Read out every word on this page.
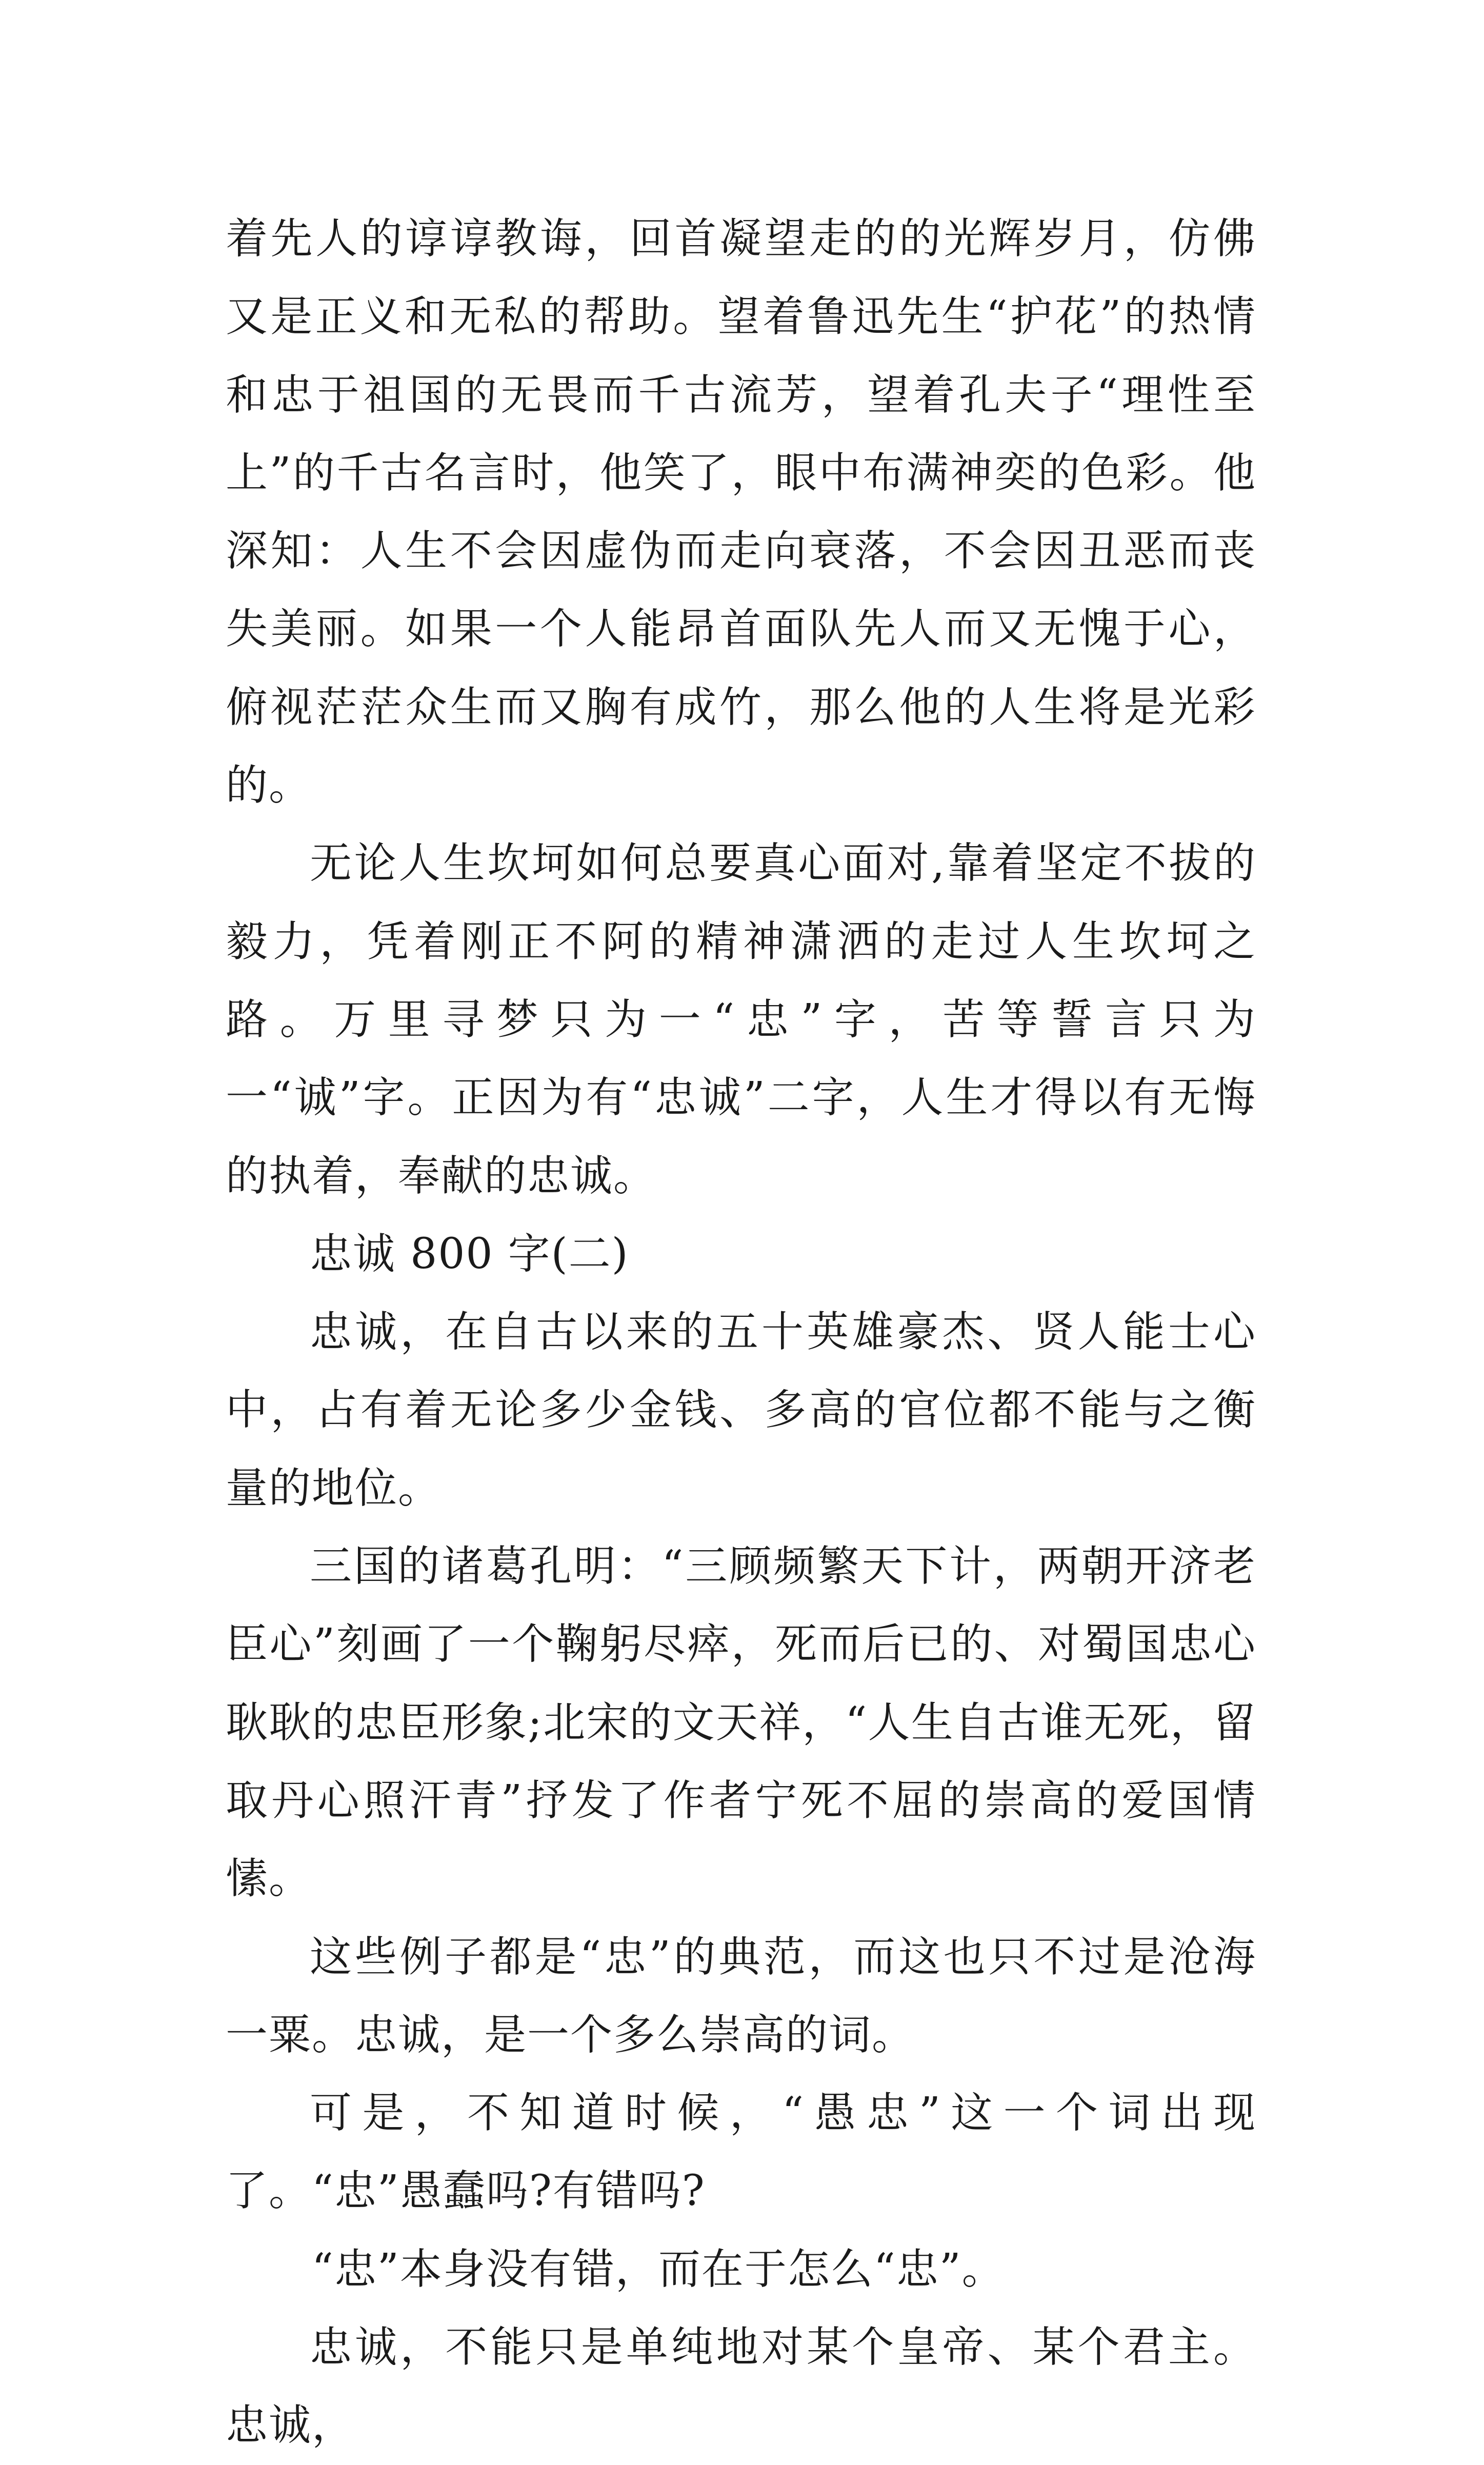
着先人的谆谆教诲，回首凝望走的的光辉岁月，仿佛又是正义和无私的帮助。望着鲁迅先生“护花”的热情和忠于祖国的无畏而千古流芳，望着孔夫子“理性至上”的千古名言时，他笑了，眼中布满神奕的色彩。他深知：人生不会因虚伪而走向衰落，不会因丑恶而丧失美丽。如果一个人能昂首面队先人而又无愧于心，俯视茫茫众生而又胸有成竹，那么他的人生将是光彩的。

无论人生坎坷如何总要真心面对,靠着坚定不拔的毅力，凭着刚正不阿的精神潇洒的走过人生坎坷之路。万里寻梦只为一“忠”字，苦等誓言只为一“诚”字。正因为有“忠诚”二字，人生才得以有无悔的执着，奉献的忠诚。

忠诚 800 字(二)

忠诚，在自古以来的五十英雄豪杰、贤人能士心中，占有着无论多少金钱、多高的官位都不能与之衡量的地位。

三国的诸葛孔明：“三顾频繁天下计，两朝开济老臣心”刻画了一个鞠躬尽瘁，死而后已的、对蜀国忠心耿耿的忠臣形象;北宋的文天祥，“人生自古谁无死，留取丹心照汗青”抒发了作者宁死不屈的崇高的爱国情愫。

这些例子都是“忠”的典范，而这也只不过是沧海一粟。忠诚，是一个多么崇高的词。

可是，不知道时候，“愚忠”这一个词出现了。“忠”愚蠢吗?有错吗?

“忠”本身没有错，而在于怎么“忠”。

忠诚，不能只是单纯地对某个皇帝、某个君主。忠诚，
